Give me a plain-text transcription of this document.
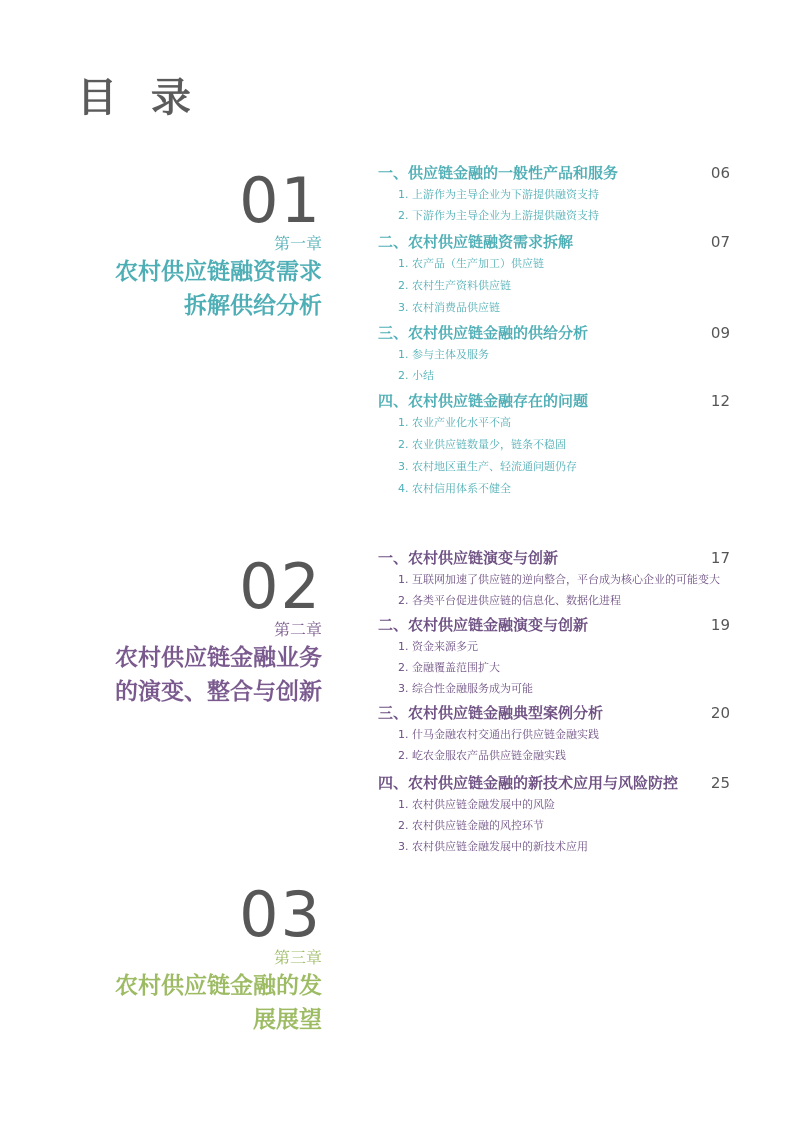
目 录
01
第一章
农村供应链融资需求
拆解供给分析
一、供应链金融的一般性产品和服务	06
1. 上游作为主导企业为下游提供融资支持
2. 下游作为主导企业为上游提供融资支持
二、农村供应链融资需求拆解	07
1. 农产品（生产加工）供应链
2. 农村生产资料供应链
3. 农村消费品供应链
三、农村供应链金融的供给分析	09
1. 参与主体及服务
2. 小结
四、农村供应链金融存在的问题	12
1. 农业产业化水平不高
2. 农业供应链数量少，链条不稳固
3. 农村地区重生产、轻流通问题仍存
4. 农村信用体系不健全
02
第二章
农村供应链金融业务
的演变、整合与创新
一、农村供应链演变与创新	17
1. 互联网加速了供应链的逆向整合，平台成为核心企业的可能变大
2. 各类平台促进供应链的信息化、数据化进程
二、农村供应链金融演变与创新	19
1. 资金来源多元
2. 金融覆盖范围扩大
3. 综合性金融服务成为可能
三、农村供应链金融典型案例分析	20
1. 什马金融农村交通出行供应链金融实践
2. 屹农金服农产品供应链金融实践
四、农村供应链金融的新技术应用与风险防控 25
1. 农村供应链金融发展中的风险
2. 农村供应链金融的风控环节
3. 农村供应链金融发展中的新技术应用
03
第三章
农村供应链金融的发
展展望
